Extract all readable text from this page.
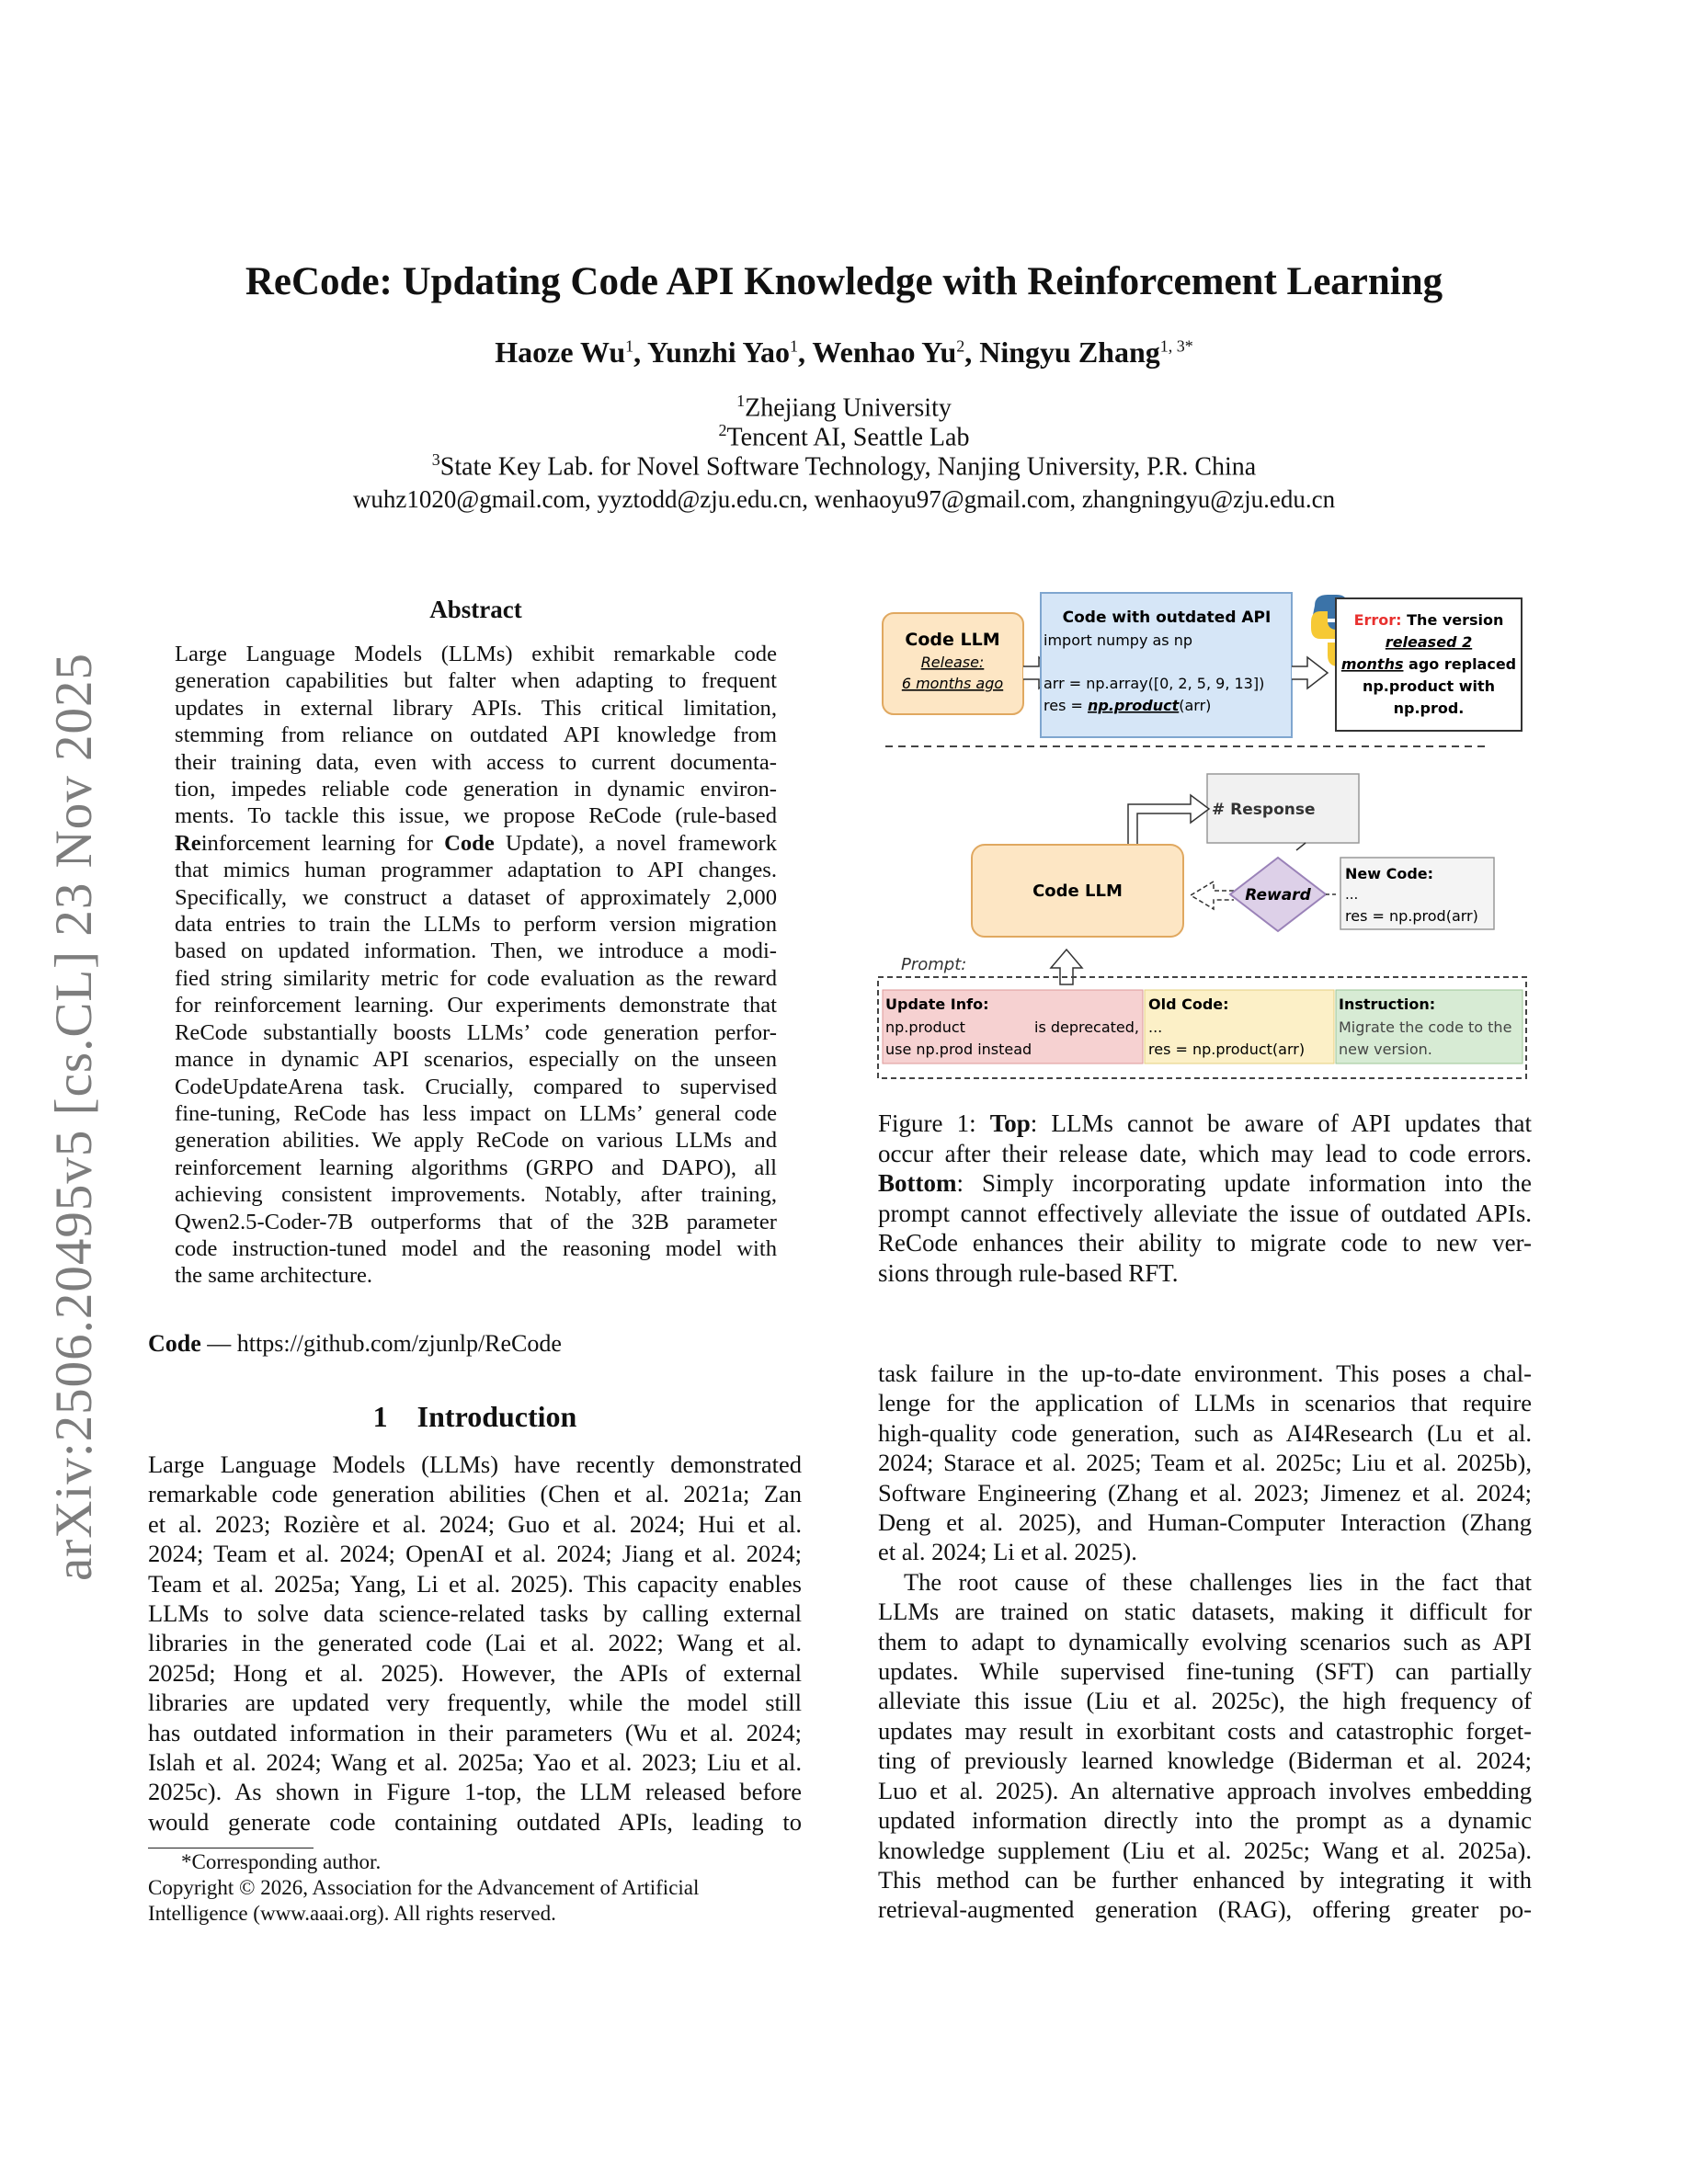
arXiv:2506.20495v5 [cs.CL] 23 Nov 2025
ReCode: Updating Code API Knowledge with Reinforcement Learning
Haoze Wu$^1$, Yunzhi Yao$^1$, Wenhao Yu$^2$, Ningyu Zhang$^{1, 3*}$
$^1$Zhejiang University
$^2$Tencent AI, Seattle Lab
$^3$State Key Lab. for Novel Software Technology, Nanjing University, P.R. China
wuhz1020@gmail.com, yyztodd@zju.edu.cn, wenhaoyu97@gmail.com, zhangningyu@zju.edu.cn
Abstract
Large Language Models (LLMs) exhibit remarkable code
generation capabilities but falter when adapting to frequent
updates in external library APIs. This critical limitation,
stemming from reliance on outdated API knowledge from
their training data, even with access to current documenta-
tion, impedes reliable code generation in dynamic environ-
ments. To tackle this issue, we propose ReCode (rule-based
Reinforcement learning for Code Update), a novel framework
that mimics human programmer adaptation to API changes.
Specifically, we construct a dataset of approximately 2,000
data entries to train the LLMs to perform version migration
based on updated information. Then, we introduce a modi-
fied string similarity metric for code evaluation as the reward
for reinforcement learning. Our experiments demonstrate that
ReCode substantially boosts LLMs’ code generation perfor-
mance in dynamic API scenarios, especially on the unseen
CodeUpdateArena task. Crucially, compared to supervised
fine-tuning, ReCode has less impact on LLMs’ general code
generation abilities. We apply ReCode on various LLMs and
reinforcement learning algorithms (GRPO and DAPO), all
achieving consistent improvements. Notably, after training,
Qwen2.5-Coder-7B outperforms that of the 32B parameter
code instruction-tuned model and the reasoning model with
the same architecture.
Code — https://github.com/zjunlp/ReCode
1 Introduction
Large Language Models (LLMs) have recently demonstrated
remarkable code generation abilities (Chen et al. 2021a; Zan
et al. 2023; Rozière et al. 2024; Guo et al. 2024; Hui et al.
2024; Team et al. 2024; OpenAI et al. 2024; Jiang et al. 2024;
Team et al. 2025a; Yang, Li et al. 2025). This capacity enables
LLMs to solve data science-related tasks by calling external
libraries in the generated code (Lai et al. 2022; Wang et al.
2025d; Hong et al. 2025). However, the APIs of external
libraries are updated very frequently, while the model still
has outdated information in their parameters (Wu et al. 2024;
Islah et al. 2024; Wang et al. 2025a; Yao et al. 2023; Liu et al.
2025c). As shown in Figure 1-top, the LLM released before
would generate code containing outdated APIs, leading to
*Corresponding author.
Copyright © 2026, Association for the Advancement of Artificial
Intelligence (www.aaai.org). All rights reserved.
Code LLM
Release:
6 months ago
Code with outdated API
import numpy as np
arr = np.array([0, 2, 5, 9, 13])
res = np.product(arr)
Error: The version
released 2
months ago replaced
np.product with
np.prod.
# Response
Code LLM	Reward
New Code:
...
res = np.prod(arr)
Prompt:
Update Info:
np.product	is deprecated,
use np.prod instead
Old Code:
...
res = np.product(arr)
Instruction:
Migrate the code to the
new version.
Figure 1: Top: LLMs cannot be aware of API updates that
occur after their release date, which may lead to code errors.
Bottom: Simply incorporating update information into the
prompt cannot effectively alleviate the issue of outdated APIs.
ReCode enhances their ability to migrate code to new ver-
sions through rule-based RFT.
task failure in the up-to-date environment. This poses a chal-
lenge for the application of LLMs in scenarios that require
high-quality code generation, such as AI4Research (Lu et al.
2024; Starace et al. 2025; Team et al. 2025c; Liu et al. 2025b),
Software Engineering (Zhang et al. 2023; Jimenez et al. 2024;
Deng et al. 2025), and Human-Computer Interaction (Zhang
et al. 2024; Li et al. 2025).
The root cause of these challenges lies in the fact that
LLMs are trained on static datasets, making it difficult for
them to adapt to dynamically evolving scenarios such as API
updates. While supervised fine-tuning (SFT) can partially
alleviate this issue (Liu et al. 2025c), the high frequency of
updates may result in exorbitant costs and catastrophic forget-
ting of previously learned knowledge (Biderman et al. 2024;
Luo et al. 2025). An alternative approach involves embedding
updated information directly into the prompt as a dynamic
knowledge supplement (Liu et al. 2025c; Wang et al. 2025a).
This method can be further enhanced by integrating it with
retrieval-augmented generation (RAG), offering greater po-
